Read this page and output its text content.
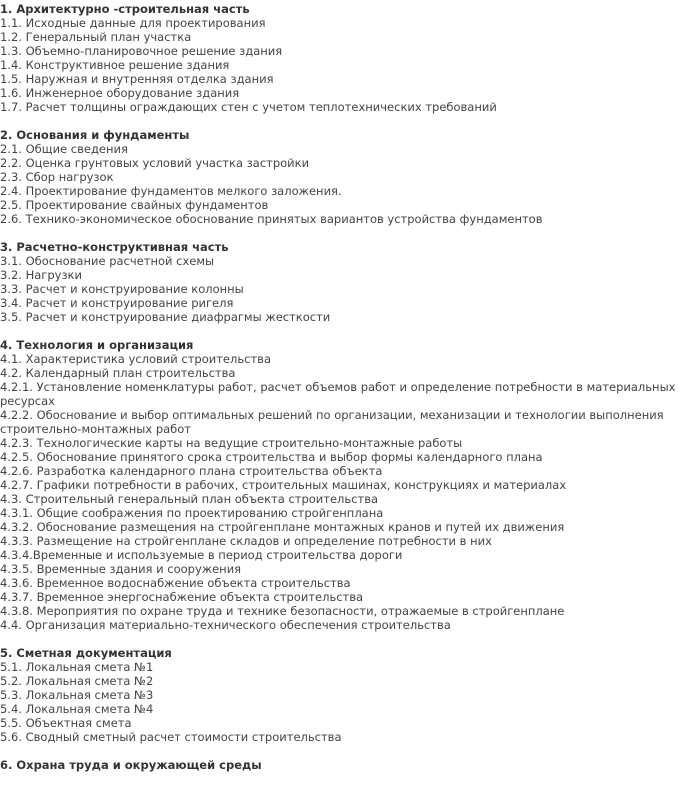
1. Архитектурно -строительная часть
1.1. Исходные данные для проектирования
1.2. Генеральный план участка
1.3. Объемно-планировочное решение здания
1.4. Конструктивное решение здания
1.5. Наружная и внутренняя отделка здания
1.6. Инженерное оборудование здания
1.7. Расчет толщины ограждающих стен с учетом теплотехнических требований
2. Основания и фундаменты
2.1. Общие сведения
2.2. Оценка грунтовых условий участка застройки
2.3. Сбор нагрузок
2.4. Проектирование фундаментов мелкого заложения.
2.5. Проектирование свайных фундаментов
2.6. Технико-экономическое обоснование принятых вариантов устройства фундаментов
3. Расчетно-конструктивная часть
3.1. Обоснование расчетной схемы
3.2. Нагрузки
3.3. Расчет и конструирование колонны
3.4. Расчет и конструирование ригеля
3.5. Расчет и конструирование диафрагмы жесткости
4. Технология и организация
4.1. Характеристика условий строительства
4.2. Календарный план строительства
4.2.1. Установление номенклатуры работ, расчет объемов работ и определение потребности в материальных ресурсах
4.2.2. Обоснование и выбор оптимальных решений по организации, механизации и технологии выполнения строительно-монтажных работ
4.2.3. Технологические карты на ведущие строительно-монтажные работы
4.2.5. Обоснование принятого срока строительства и выбор формы календарного плана
4.2.6. Разработка календарного плана строительства объекта
4.2.7. Графики потребности в рабочих, строительных машинах, конструкциях и материалах
4.3. Строительный генеральный план объекта строительства
4.3.1. Общие соображения по проектированию стройгенплана
4.3.2. Обоснование размещения на стройгенплане монтажных кранов и путей их движения
4.3.3. Размещение на стройгенплане складов и определение потребности в них
4.3.4.Временные и используемые в период строительства дороги
4.3.5. Временные здания и сооружения
4.3.6. Временное водоснабжение объекта строительства
4.3.7. Временное энергоснабжение объекта строительства
4.3.8. Мероприятия по охране труда и технике безопасности, отражаемые в стройгенплане
4.4. Организация материально-технического обеспечения строительства
5. Сметная документация
5.1. Локальная смета №1
5.2. Локальная смета №2
5.3. Локальная смета №3
5.4. Локальная смета №4
5.5. Объектная смета
5.6. Сводный сметный расчет стоимости строительства
6. Охрана труда и окружающей среды
